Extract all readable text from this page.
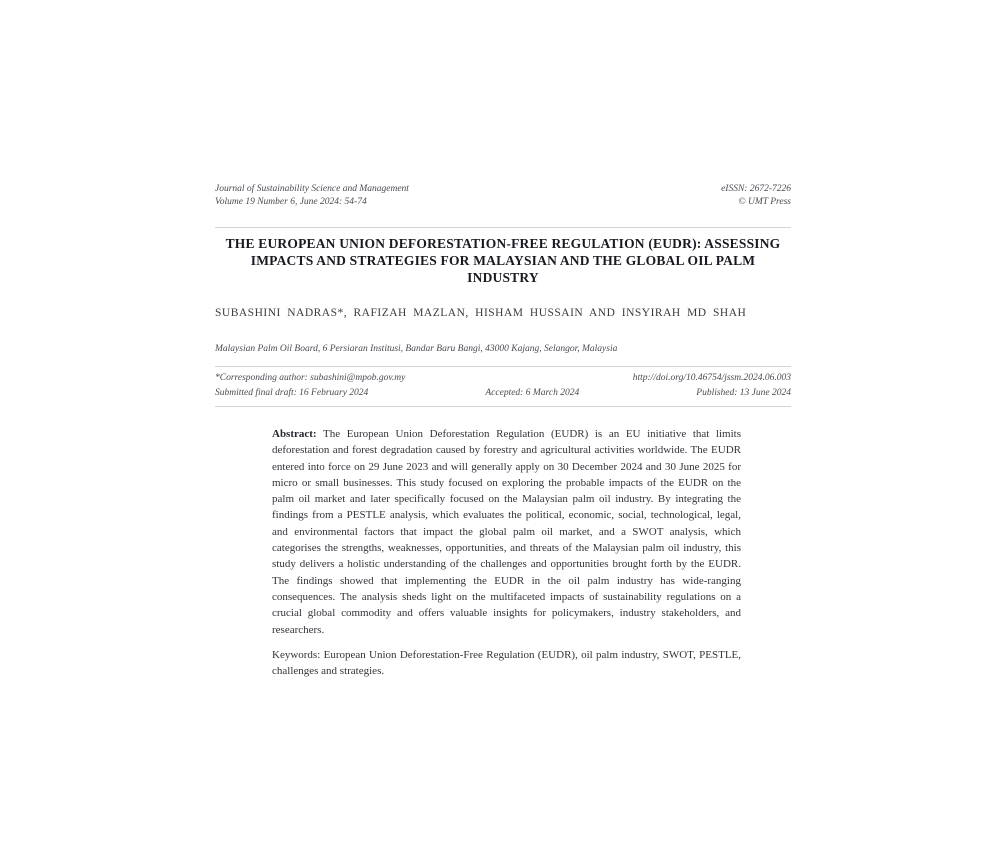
Journal of Sustainability Science and Management
Volume 19 Number 6, June 2024: 54-74
eISSN: 2672-7226
© UMT Press
THE EUROPEAN UNION DEFORESTATION-FREE REGULATION (EUDR): ASSESSING IMPACTS AND STRATEGIES FOR MALAYSIAN AND THE GLOBAL OIL PALM INDUSTRY
SUBASHINI NADRAS*, RAFIZAH MAZLAN, HISHAM HUSSAIN AND INSYIRAH MD SHAH
Malaysian Palm Oil Board, 6 Persiaran Institusi, Bandar Baru Bangi, 43000 Kajang, Selangor, Malaysia
*Corresponding author: subashini@mpob.gov.my	http://doi.org/10.46754/jssm.2024.06.003
Submitted final draft: 16 February 2024	Accepted: 6 March 2024	Published: 13 June 2024
Abstract: The European Union Deforestation Regulation (EUDR) is an EU initiative that limits deforestation and forest degradation caused by forestry and agricultural activities worldwide. The EUDR entered into force on 29 June 2023 and will generally apply on 30 December 2024 and 30 June 2025 for micro or small businesses. This study focused on exploring the probable impacts of the EUDR on the palm oil market and later specifically focused on the Malaysian palm oil industry. By integrating the findings from a PESTLE analysis, which evaluates the political, economic, social, technological, legal, and environmental factors that impact the global palm oil market, and a SWOT analysis, which categorises the strengths, weaknesses, opportunities, and threats of the Malaysian palm oil industry, this study delivers a holistic understanding of the challenges and opportunities brought forth by the EUDR. The findings showed that implementing the EUDR in the oil palm industry has wide-ranging consequences. The analysis sheds light on the multifaceted impacts of sustainability regulations on a crucial global commodity and offers valuable insights for policymakers, industry stakeholders, and researchers.
Keywords: European Union Deforestation-Free Regulation (EUDR), oil palm industry, SWOT, PESTLE, challenges and strategies.
